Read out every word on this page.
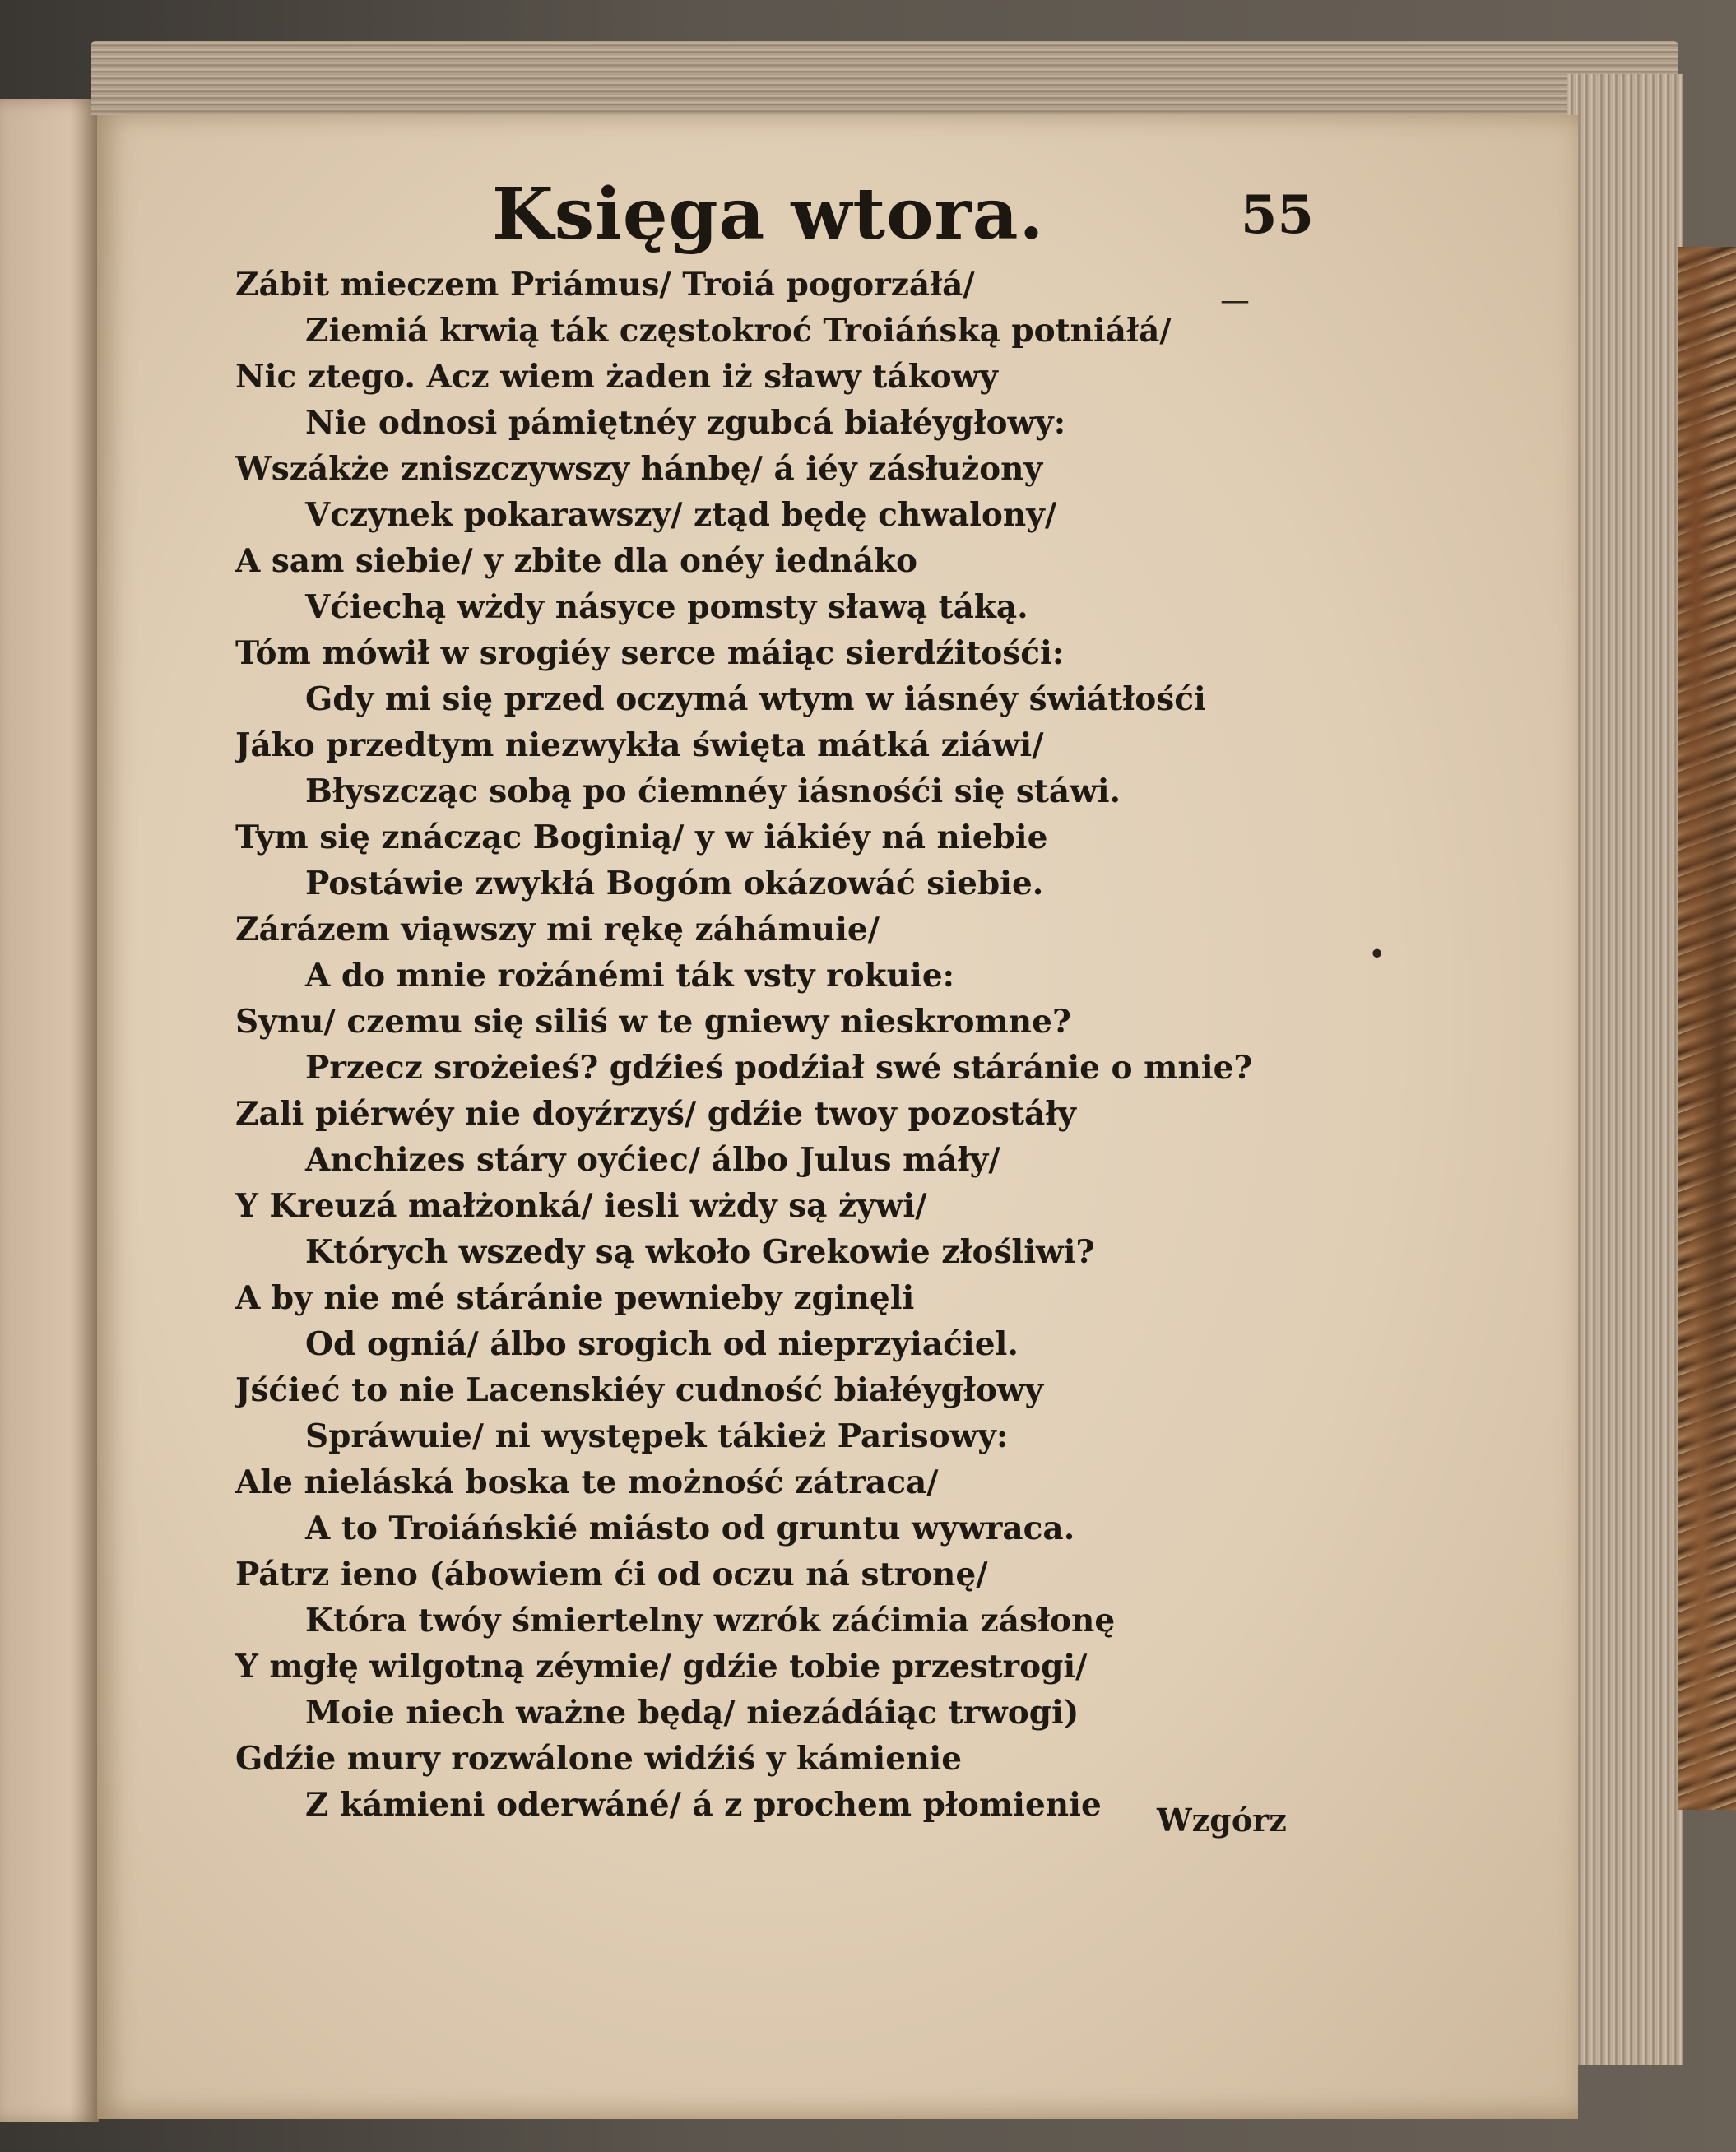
Księga wtora.	55
Zábit mieczem Priámus/ Troiá pogorzáłá/
Ziemiá krwią ták częstokroć Troiáńską potniáłá/
Nic ztego. Acz wiem żaden iż sławy tákowy
Nie odnosi pámiętnéy zgubcá białéygłowy:
Wszákże zniszczywszy hánbę/ á iéy zásłużony
Vczynek pokarawszy/ ztąd będę chwalony/
A sam siebie/ y zbite dla onéy iednáko
Vćiechą wżdy násyce pomsty sławą táką.
Tóm mówił w srogiéy serce máiąc sierdźitośći:
Gdy mi się przed oczymá wtym w iásnéy świátłośći
Jáko przedtym niezwykła święta mátká ziáwi/
Błyszcząc sobą po ćiemnéy iásnośći się stáwi.
Tym się znácząc Boginią/ y w iákiéy ná niebie
Postáwie zwykłá Bogóm okázowáć siebie.
Zárázem viąwszy mi rękę záhámuie/
A do mnie rożánémi ták vsty rokuie:
Synu/ czemu się siliś w te gniewy nieskromne?
Przecz srożeieś? gdźieś podźiał swé stáránie o mnie?
Zali piérwéy nie doyźrzyś/ gdźie twoy pozostáły
Anchizes stáry oyćiec/ álbo Julus máły/
Y Kreuzá małżonká/ iesli wżdy są żywi/
Których wszedy są wkoło Grekowie złośliwi?
A by nie mé stáránie pewnieby zginęli
Od ogniá/ álbo srogich od nieprzyiaćiel.
Jśćieć to nie Lacenskiéy cudność białéygłowy
Spráwuie/ ni występek tákież Parisowy:
Ale nieláská boska te możność zátraca/
A to Troiáńskié miásto od gruntu wywraca.
Pátrz ieno (ábowiem ći od oczu ná stronę/
Która twóy śmiertelny wzrók záćimia zásłonę
Y mgłę wilgotną zéymie/ gdźie tobie przestrogi/
Moie niech ważne będą/ niezádáiąc trwogi)
Gdźie mury rozwálone widźiś y kámienie
Z kámieni oderwáné/ á z prochem płomienie	Wzgórz
—
•
